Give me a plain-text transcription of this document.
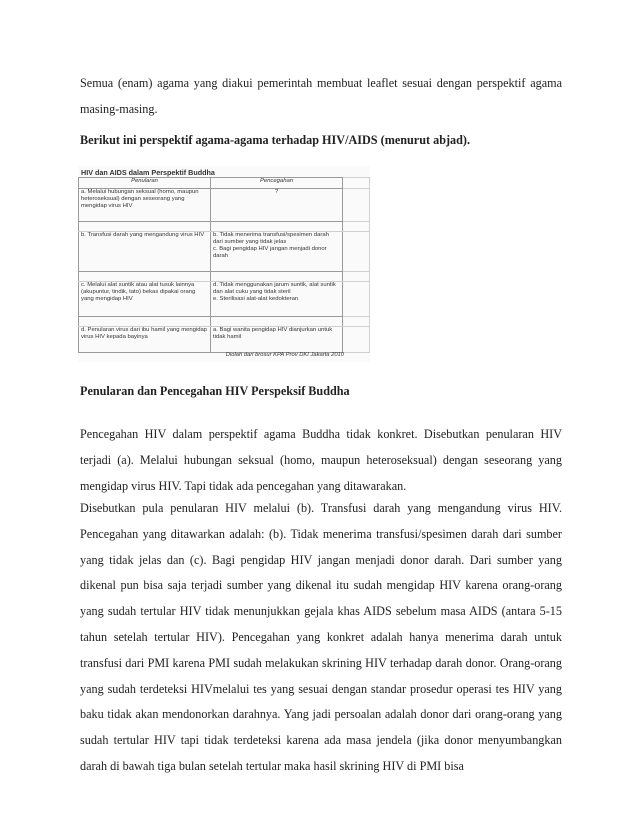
Semua (enam) agama yang diakui pemerintah membuat leaflet sesuai dengan perspektif agama masing-masing.

Berikut ini perspektif agama-agama terhadap HIV/AIDS (menurut abjad).

HIV dan AIDS dalam Perspektif Buddha
Penularan	Pencegahan	
a. Melalui hubungan seksual (homo, maupun heteroseksual) dengan seseorang yang mengidap virus HIV	?	

b. Transfusi darah yang mengandung virus HIV	b. Tidak menerima transfusi/spesimen darah dari sumber yang tidak jelas
c. Bagi pengidap HIV jangan menjadi donor darah	

c. Melalui alat suntik atau alat tusuk lainnya (akupuntur, tindik, tato) bekas dipakai orang yang mengidap HIV	d. Tidak menggunakan jarum suntik, alat suntik dan alat cuku yang tidak steril
e. Sterilisasi alat-alat kedokteran	

d. Penularan virus dari ibu hamil yang mengidap virus HIV kepada bayinya	a. Bagi wanita pengidap HIV dianjurkan untuk tidak hamil	
Diolah dari brosur KPA Prov DKI Jakarta 2010

Penularan dan Pencegahan HIV Perspeksif Buddha

Pencegahan HIV dalam perspektif agama Buddha tidak konkret. Disebutkan penularan HIV terjadi (a). Melalui hubungan seksual (homo, maupun heteroseksual) dengan seseorang yang mengidap virus HIV. Tapi tidak ada pencegahan yang ditawarakan.

Disebutkan pula penularan HIV melalui (b). Transfusi darah yang mengandung virus HIV. Pencegahan yang ditawarkan adalah: (b). Tidak menerima transfusi/spesimen darah dari sumber yang tidak jelas dan (c). Bagi pengidap HIV jangan menjadi donor darah. Dari sumber yang dikenal pun bisa saja terjadi sumber yang dikenal itu sudah mengidap HIV karena orang-orang yang sudah tertular HIV tidak menunjukkan gejala khas AIDS sebelum masa AIDS (antara 5-15 tahun setelah tertular HIV). Pencegahan yang konkret adalah hanya menerima darah untuk transfusi dari PMI karena PMI sudah melakukan skrining HIV terhadap darah donor. Orang-orang yang sudah terdeteksi HIVmelalui tes yang sesuai dengan standar prosedur operasi tes HIV yang baku tidak akan mendonorkan darahnya. Yang jadi persoalan adalah donor dari orang-orang yang sudah tertular HIV tapi tidak terdeteksi karena ada masa jendela (jika donor menyumbangkan darah di bawah tiga bulan setelah tertular maka hasil skrining HIV di PMI bisa
